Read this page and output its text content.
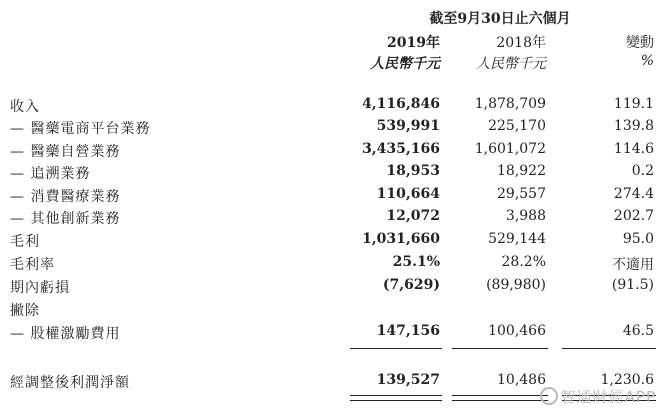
截至9月30日止六個月
2019年	2018年	變動
人民幣千元	人民幣千元	%
收入	4,116,846	1,878,709	119.1
— 醫藥電商平台業務	539,991	225,170	139.8
— 醫藥自營業務	3,435,166	1,601,072	114.6
— 追溯業務	18,953	18,922	0.2
— 消費醫療業務	110,664	29,557	274.4
— 其他創新業務	12,072	3,988	202.7
毛利	1,031,660	529,144	95.0
毛利率	25.1%	28.2%	不適用
期內虧損	(7,629)	(89,980)	(91.5)
撇除
— 股權激勵費用	147,156	100,466	46.5
經調整後利潤淨額	139,527	10,486	1,230.6
智通財經APP
